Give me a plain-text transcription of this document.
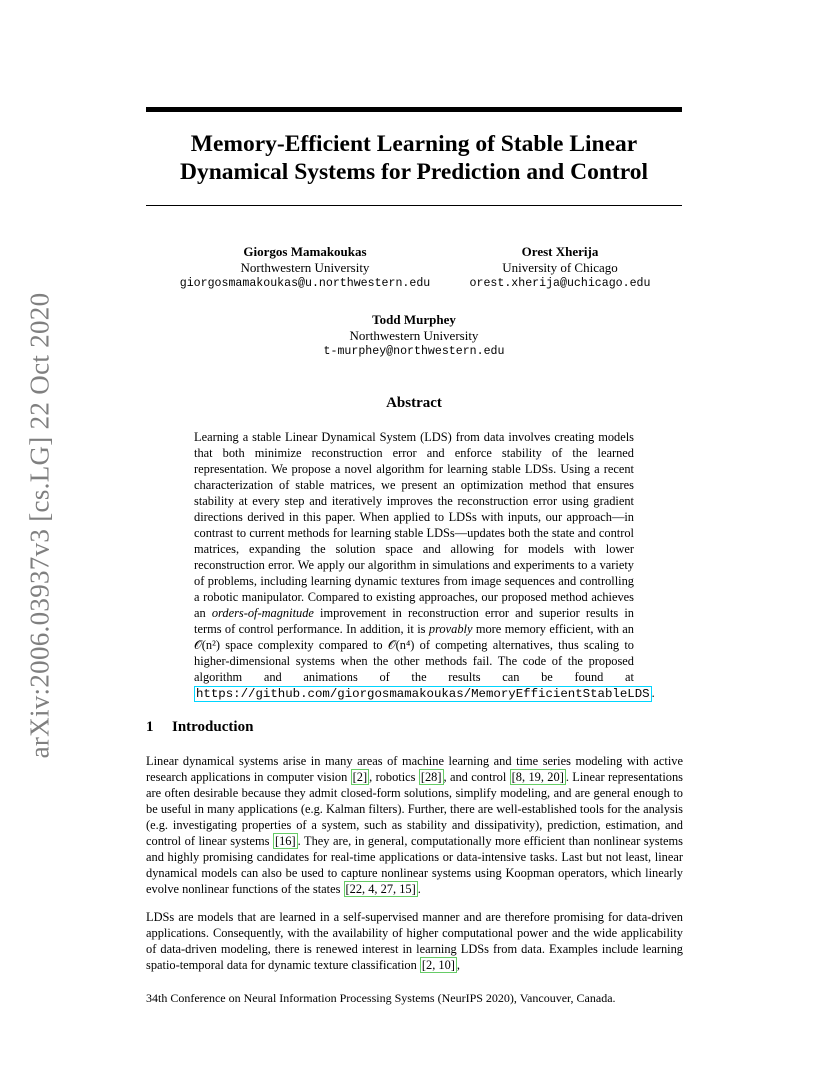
arXiv:2006.03937v3 [cs.LG] 22 Oct 2020
Memory-Efficient Learning of Stable Linear
Dynamical Systems for Prediction and Control
Giorgos Mamakoukas
Northwestern University
giorgosmamakoukas@u.northwestern.edu
Orest Xherija
University of Chicago
orest.xherija@uchicago.edu
Todd Murphey
Northwestern University
t-murphey@northwestern.edu
Abstract

Learning a stable Linear Dynamical System (LDS) from data involves creating models that both minimize reconstruction error and enforce stability of the learned representation. We propose a novel algorithm for learning stable LDSs. Using a recent characterization of stable matrices, we present an optimization method that ensures stability at every step and iteratively improves the reconstruction error using gradient directions derived in this paper. When applied to LDSs with inputs, our approach—in contrast to current methods for learning stable LDSs—updates both the state and control matrices, expanding the solution space and allowing for models with lower reconstruction error. We apply our algorithm in simulations and experiments to a variety of problems, including learning dynamic textures from image sequences and controlling a robotic manipulator. Compared to existing approaches, our proposed method achieves an orders-of-magnitude improvement in reconstruction error and superior results in terms of control performance. In addition, it is provably more memory efficient, with an 𝒪(n²) space complexity compared to 𝒪(n⁴) of competing alternatives, thus scaling to higher-dimensional systems when the other methods fail. The code of the proposed algorithm and animations of the results can be found at https://github.com/giorgosmamakoukas/MemoryEfficientStableLDS .

1 Introduction

Linear dynamical systems arise in many areas of machine learning and time series modeling with active research applications in computer vision [2] , robotics [28] , and control [8, 19, 20] . Linear representations are often desirable because they admit closed-form solutions, simplify modeling, and are general enough to be useful in many applications (e.g. Kalman filters). Further, there are well-established tools for the analysis (e.g. investigating properties of a system, such as stability and dissipativity), prediction, estimation, and control of linear systems [16] . They are, in general, computationally more efficient than nonlinear systems and highly promising candidates for real-time applications or data-intensive tasks. Last but not least, linear dynamical models can also be used to capture nonlinear systems using Koopman operators, which linearly evolve nonlinear functions of the states [22, 4, 27, 15] .

LDSs are models that are learned in a self-supervised manner and are therefore promising for data-driven applications. Consequently, with the availability of higher computational power and the wide applicability of data-driven modeling, there is renewed interest in learning LDSs from data. Examples include learning spatio-temporal data for dynamic texture classification [2, 10] ,

34th Conference on Neural Information Processing Systems (NeurIPS 2020), Vancouver, Canada.
